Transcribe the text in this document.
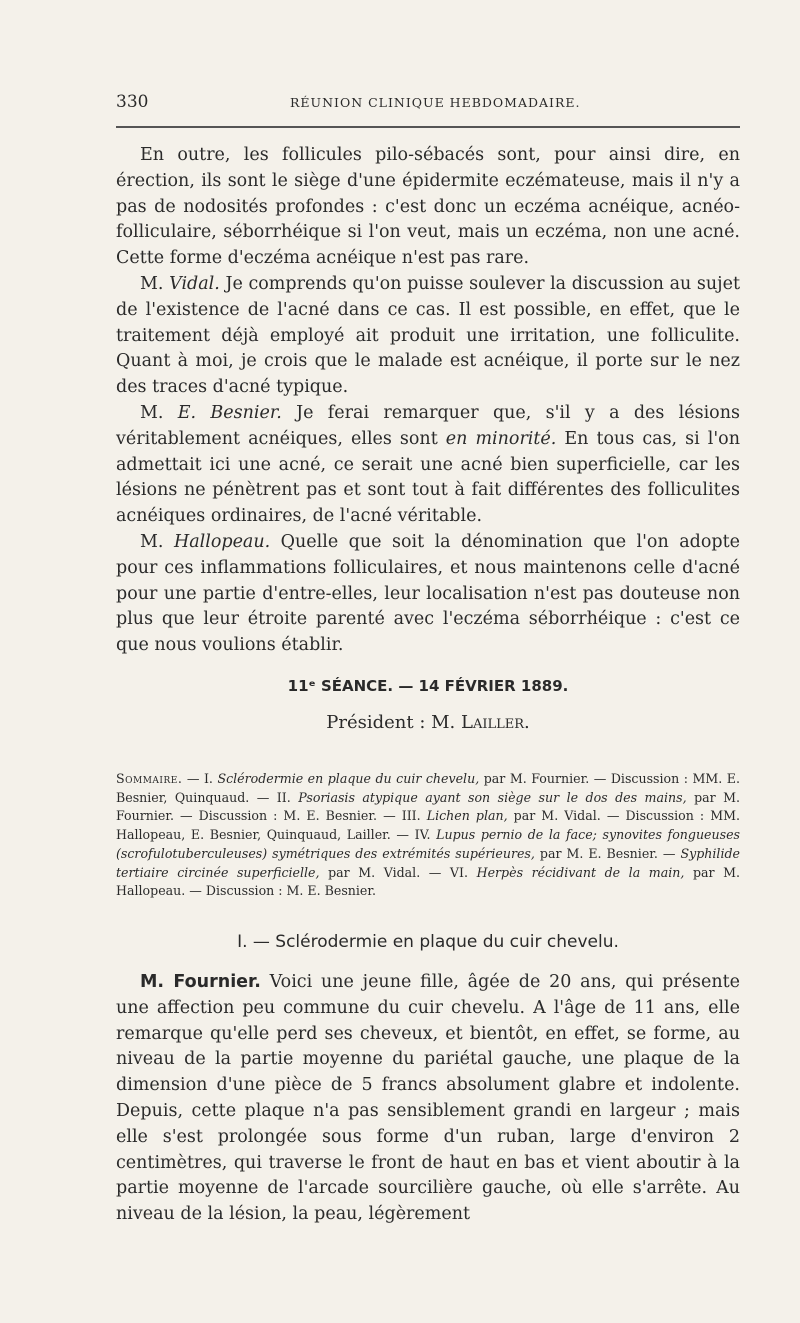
330	RÉUNION CLINIQUE HEBDOMADAIRE.

En outre, les follicules pilo-sébacés sont, pour ainsi dire, en érection, ils sont le siège d'une épidermite eczémateuse, mais il n'y a pas de nodosités profondes : c'est donc un eczéma acnéique, acnéo-folliculaire, séborrhéique si l'on veut, mais un eczéma, non une acné. Cette forme d'eczéma acnéique n'est pas rare.

M. Vidal. Je comprends qu'on puisse soulever la discussion au sujet de l'existence de l'acné dans ce cas. Il est possible, en effet, que le traitement déjà employé ait produit une irritation, une folliculite. Quant à moi, je crois que le malade est acnéique, il porte sur le nez des traces d'acné typique.

M. E. Besnier. Je ferai remarquer que, s'il y a des lésions véritablement acnéiques, elles sont en minorité. En tous cas, si l'on admettait ici une acné, ce serait une acné bien superficielle, car les lésions ne pénètrent pas et sont tout à fait différentes des folliculites acnéiques ordinaires, de l'acné véritable.

M. Hallopeau. Quelle que soit la dénomination que l'on adopte pour ces inflammations folliculaires, et nous maintenons celle d'acné pour une partie d'entre-elles, leur localisation n'est pas douteuse non plus que leur étroite parenté avec l'eczéma séborrhéique : c'est ce que nous voulions établir.

11ᵉ SÉANCE. — 14 FÉVRIER 1889.
Président : M. Lailler.
Sommaire. — I. Sclérodermie en plaque du cuir chevelu, par M. Fournier. — Discussion : MM. E. Besnier, Quinquaud. — II. Psoriasis atypique ayant son siège sur le dos des mains, par M. Fournier. — Discussion : M. E. Besnier. — III. Lichen plan, par M. Vidal. — Discussion : MM. Hallopeau, E. Besnier, Quinquaud, Lailler. — IV. Lupus pernio de la face; synovites fongueuses (scrofulotuberculeuses) symétriques des extrémités supérieures, par M. E. Besnier. — Syphilide tertiaire circinée superficielle, par M. Vidal. — VI. Herpès récidivant de la main, par M. Hallopeau. — Discussion : M. E. Besnier.
I. — Sclérodermie en plaque du cuir chevelu.

M. Fournier. Voici une jeune fille, âgée de 20 ans, qui présente une affection peu commune du cuir chevelu. A l'âge de 11 ans, elle remarque qu'elle perd ses cheveux, et bientôt, en effet, se forme, au niveau de la partie moyenne du pariétal gauche, une plaque de la dimension d'une pièce de 5 francs absolument glabre et indolente. Depuis, cette plaque n'a pas sensiblement grandi en largeur ; mais elle s'est prolongée sous forme d'un ruban, large d'environ 2 centimètres, qui traverse le front de haut en bas et vient aboutir à la partie moyenne de l'arcade sourcilière gauche, où elle s'arrête. Au niveau de la lésion, la peau, légèrement
